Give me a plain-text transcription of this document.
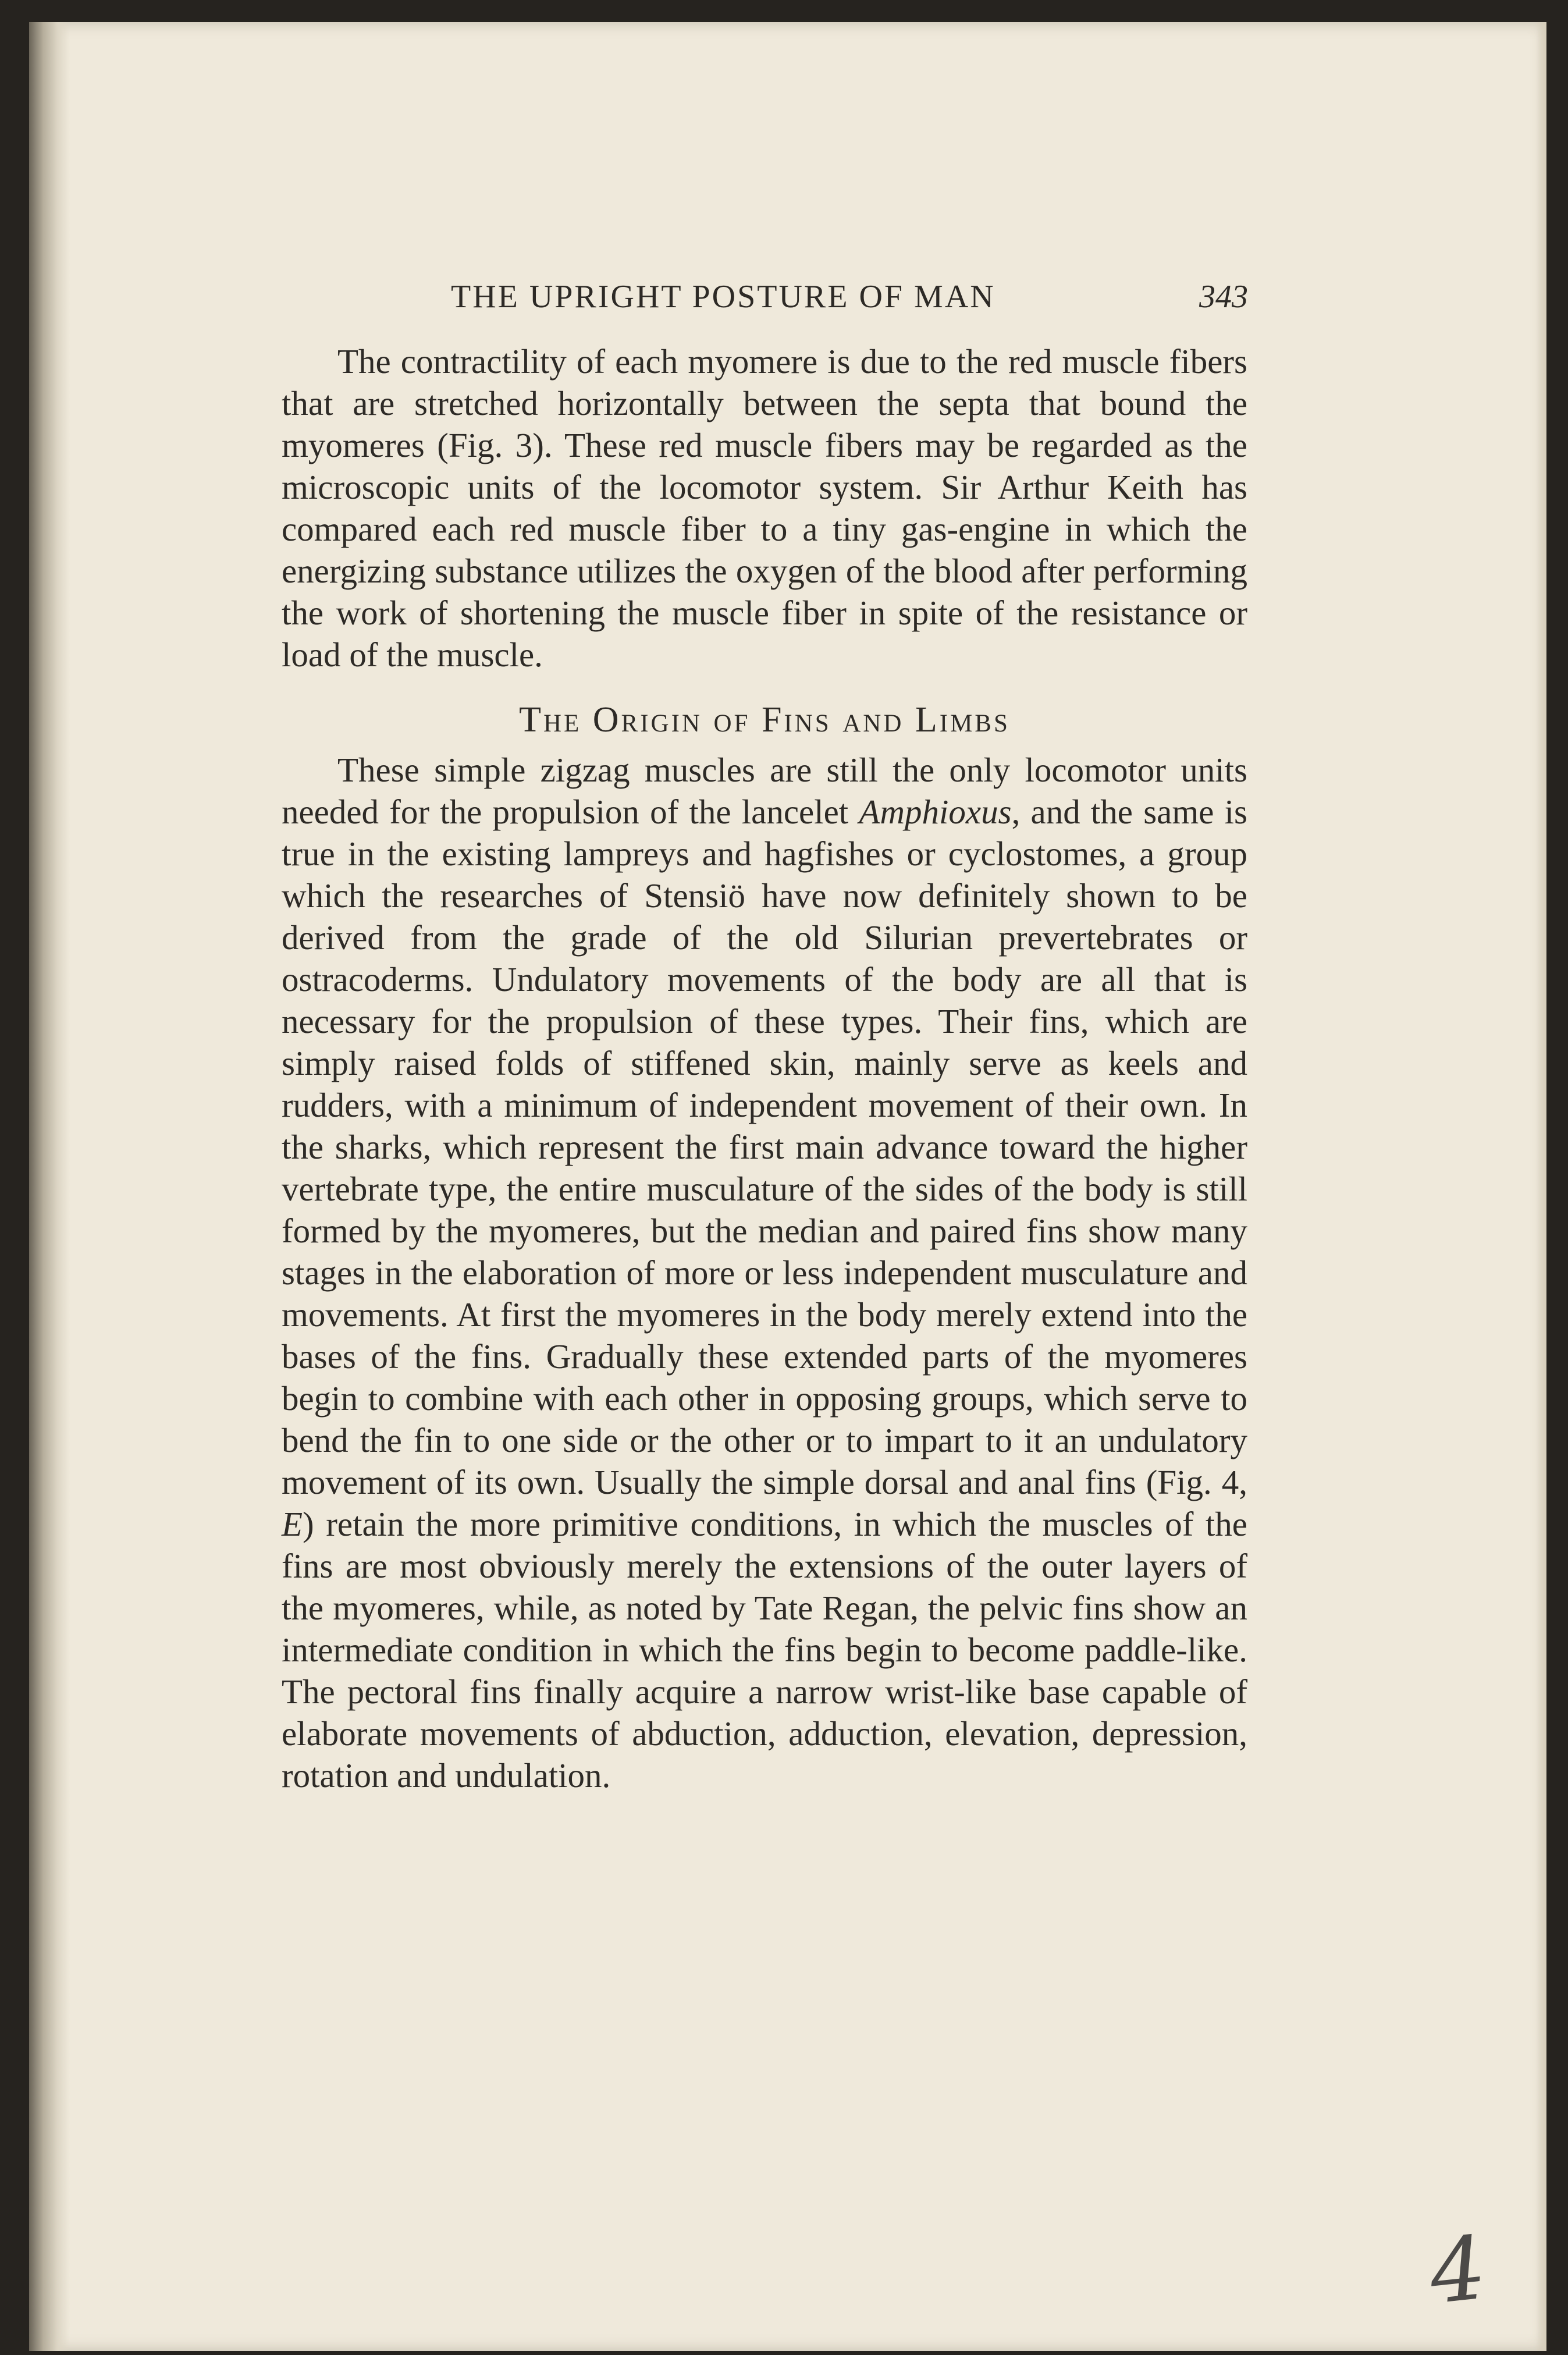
THE UPRIGHT POSTURE OF MAN	343

The contractility of each myomere is due to the red muscle fibers that are stretched horizontally between the septa that bound the myomeres (Fig. 3). These red muscle fibers may be regarded as the microscopic units of the locomotor system. Sir Arthur Keith has compared each red muscle fiber to a tiny gas-engine in which the energizing substance utilizes the oxygen of the blood after performing the work of shortening the muscle fiber in spite of the resistance or load of the muscle.

The Origin of Fins and Limbs

These simple zigzag muscles are still the only locomotor units needed for the propulsion of the lancelet Amphioxus, and the same is true in the existing lampreys and hagfishes or cyclostomes, a group which the researches of Stensiö have now definitely shown to be derived from the grade of the old Silurian prevertebrates or ostracoderms. Undulatory movements of the body are all that is necessary for the propulsion of these types. Their fins, which are simply raised folds of stiffened skin, mainly serve as keels and rudders, with a minimum of independent movement of their own. In the sharks, which represent the first main advance toward the higher vertebrate type, the entire musculature of the sides of the body is still formed by the myomeres, but the median and paired fins show many stages in the elaboration of more or less independent musculature and movements. At first the myomeres in the body merely extend into the bases of the fins. Gradually these extended parts of the myomeres begin to combine with each other in opposing groups, which serve to bend the fin to one side or the other or to impart to it an undulatory movement of its own. Usually the simple dorsal and anal fins (Fig. 4, E) retain the more primitive conditions, in which the muscles of the fins are most obviously merely the extensions of the outer layers of the myomeres, while, as noted by Tate Regan, the pelvic fins show an intermediate condition in which the fins begin to become paddle-like. The pectoral fins finally acquire a narrow wrist-like base capable of elaborate movements of abduction, adduction, elevation, depression, rotation and undulation.

4
